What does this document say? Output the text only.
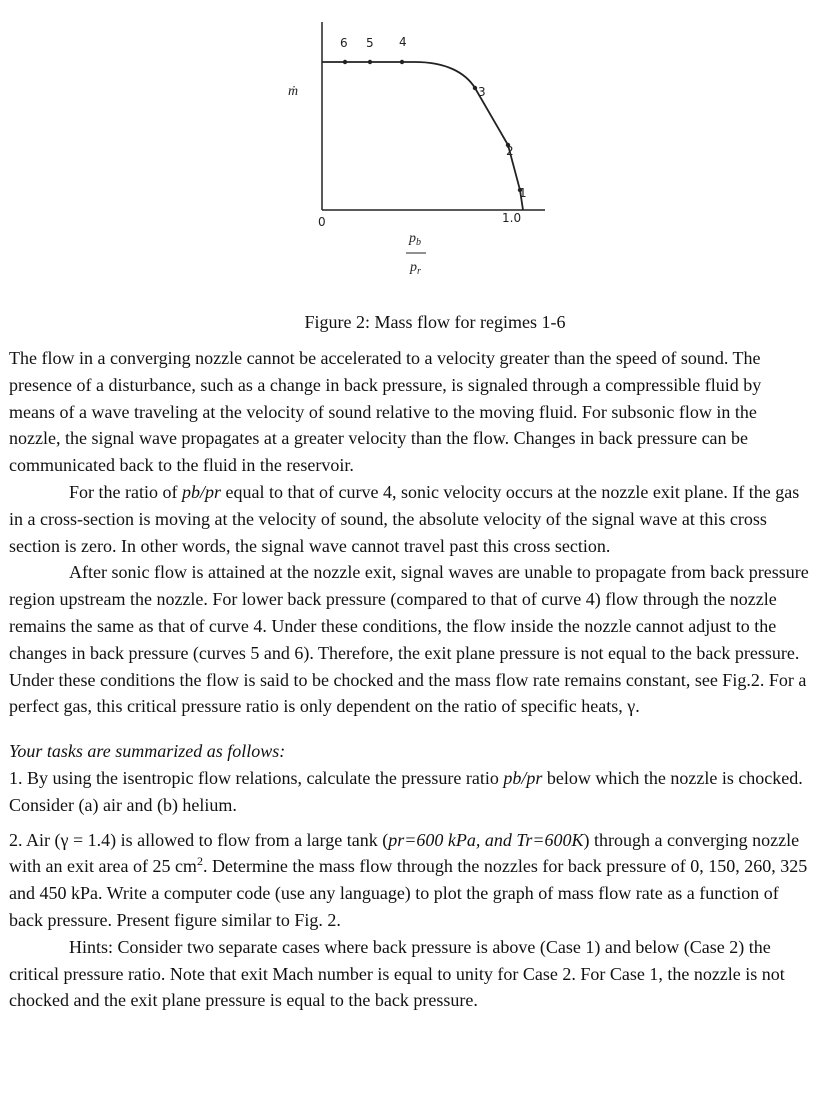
6 5 4
3
2
1
ṁ
0	1.0
$p_b$
$p_r$
Figure 2: Mass flow for regimes 1-6

The flow in a converging nozzle cannot be accelerated to a velocity greater than the speed of sound. The presence of a disturbance, such as a change in back pressure, is signaled through a compressible fluid by means of a wave traveling at the velocity of sound relative to the moving fluid. For subsonic flow in the nozzle, the signal wave propagates at a greater velocity than the flow. Changes in back pressure can be communicated back to the fluid in the reservoir.

For the ratio of pb/pr equal to that of curve 4, sonic velocity occurs at the nozzle exit plane. If the gas in a cross-section is moving at the velocity of sound, the absolute velocity of the signal wave at this cross section is zero. In other words, the signal wave cannot travel past this cross section.

After sonic flow is attained at the nozzle exit, signal waves are unable to propagate from back pressure region upstream the nozzle. For lower back pressure (compared to that of curve 4) flow through the nozzle remains the same as that of curve 4. Under these conditions, the flow inside the nozzle cannot adjust to the changes in back pressure (curves 5 and 6). Therefore, the exit plane pressure is not equal to the back pressure. Under these conditions the flow is said to be chocked and the mass flow rate remains constant, see Fig.2. For a perfect gas, this critical pressure ratio is only dependent on the ratio of specific heats, γ.

Your tasks are summarized as follows:

1. By using the isentropic flow relations, calculate the pressure ratio pb/pr below which the nozzle is chocked. Consider (a) air and (b) helium.

2. Air (γ = 1.4) is allowed to flow from a large tank (pr=600 kPa, and Tr=600K) through a converging nozzle with an exit area of 25 $cm^2$. Determine the mass flow through the nozzles for back pressure of 0, 150, 260, 325 and 450 kPa. Write a computer code (use any language) to plot the graph of mass flow rate as a function of back pressure. Present figure similar to Fig. 2.

Hints: Consider two separate cases where back pressure is above (Case 1) and below (Case 2) the critical pressure ratio. Note that exit Mach number is equal to unity for Case 2. For Case 1, the nozzle is not chocked and the exit plane pressure is equal to the back pressure.
